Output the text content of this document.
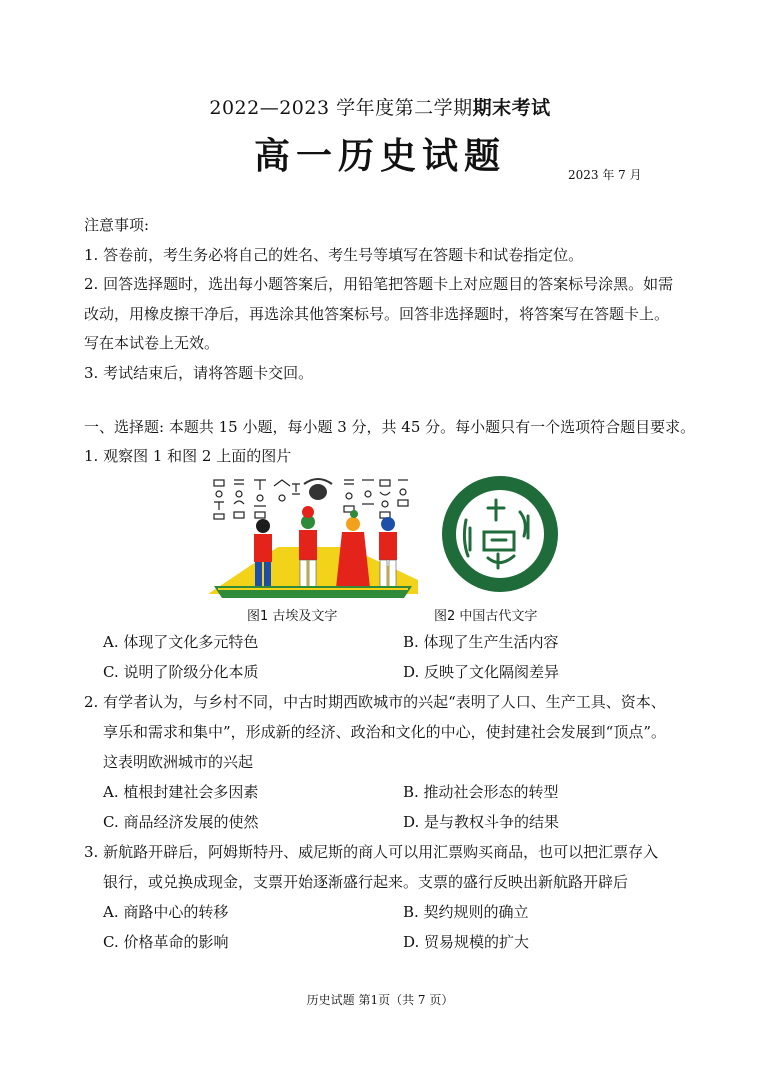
2022—2023 学年度第二学期期末考试
高一历史试题	2023 年 7 月
注意事项:
1. 答卷前，考生务必将自己的姓名、考生号等填写在答题卡和试卷指定位。
2. 回答选择题时，选出每小题答案后，用铅笔把答题卡上对应题目的答案标号涂黑。如需
改动，用橡皮擦干净后，再选涂其他答案标号。回答非选择题时，将答案写在答题卡上。
写在本试卷上无效。
3. 考试结束后，请将答题卡交回。
一、选择题: 本题共 15 小题，每小题 3 分，共 45 分。每小题只有一个选项符合题目要求。
1. 观察图 1 和图 2 上面的图片
图1 古埃及文字	图2 中国古代文字
A. 体现了文化多元特色	B. 体现了生产生活内容
C. 说明了阶级分化本质	D. 反映了文化隔阂差异
2. 有学者认为，与乡村不同，中古时期西欧城市的兴起“表明了人口、生产工具、资本、
享乐和需求和集中”，形成新的经济、政治和文化的中心，使封建社会发展到“顶点”。
这表明欧洲城市的兴起
A. 植根封建社会多因素	B. 推动社会形态的转型
C. 商品经济发展的使然	D. 是与教权斗争的结果
3. 新航路开辟后，阿姆斯特丹、威尼斯的商人可以用汇票购买商品，也可以把汇票存入
银行，或兑换成现金，支票开始逐渐盛行起来。支票的盛行反映出新航路开辟后
A. 商路中心的转移	B. 契约规则的确立
C. 价格革命的影响	D. 贸易规模的扩大
历史试题 第1页（共 7 页）
